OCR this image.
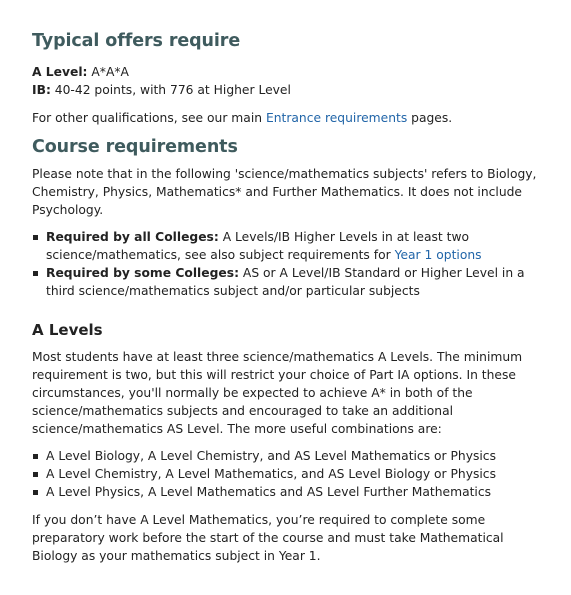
Typical offers require
A Level: A*A*A
IB: 40-42 points, with 776 at Higher Level

For other qualifications, see our main Entrance requirements pages.

Course requirements

Please note that in the following 'science/mathematics subjects' refers to Biology, Chemistry, Physics, Mathematics* and Further Mathematics. It does not include Psychology.

Required by all Colleges: A Levels/IB Higher Levels in at least two science/mathematics, see also subject requirements for Year 1 options
Required by some Colleges: AS or A Level/IB Standard or Higher Level in a third science/mathematics subject and/or particular subjects
A Levels

Most students have at least three science/mathematics A Levels. The minimum requirement is two, but this will restrict your choice of Part IA options. In these circumstances, you'll normally be expected to achieve A* in both of the science/mathematics subjects and encouraged to take an additional science/mathematics AS Level. The more useful combinations are:

A Level Biology, A Level Chemistry, and AS Level Mathematics or Physics
A Level Chemistry, A Level Mathematics, and AS Level Biology or Physics
A Level Physics, A Level Mathematics and AS Level Further Mathematics

If you don’t have A Level Mathematics, you’re required to complete some preparatory work before the start of the course and must take Mathematical Biology as your mathematics subject in Year 1.
